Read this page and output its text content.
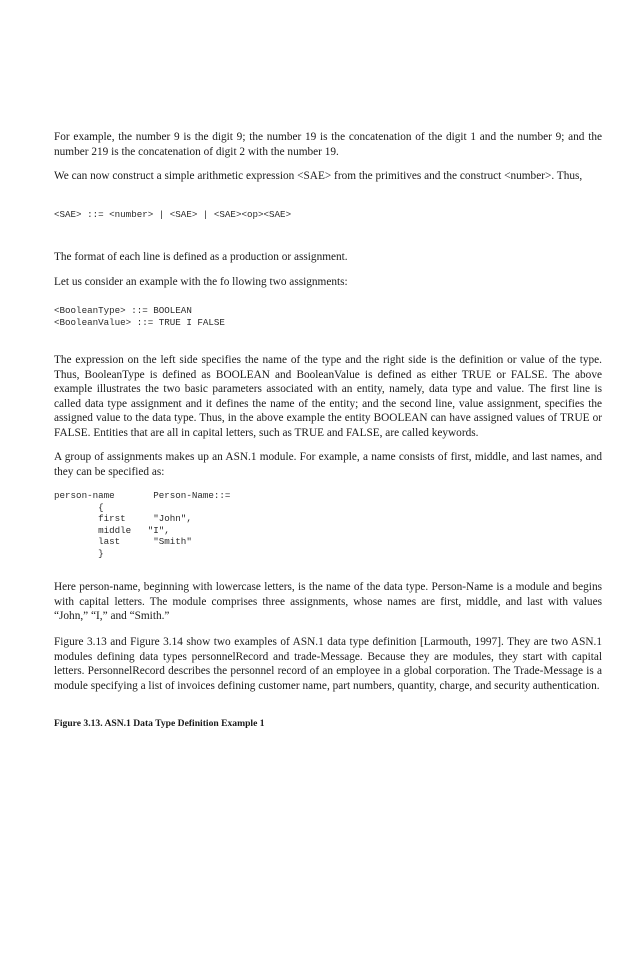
For example, the number 9 is the digit 9; the number 19 is the concatenation of the digit 1 and the number 9; and the number 219 is the concatenation of digit 2 with the number 19.

We can now construct a simple arithmetic expression <SAE> from the primitives and the construct <number>. Thus,

<SAE> ::= <number> | <SAE> | <SAE><op><SAE>

The format of each line is defined as a production or assignment.

Let us consider an example with the fo llowing two assignments:

<BooleanType> ::= BOOLEAN
<BooleanValue> ::= TRUE I FALSE

The expression on the left side specifies the name of the type and the right side is the definition or value of the type. Thus, BooleanType is defined as BOOLEAN and BooleanValue is defined as either TRUE or FALSE. The above example illustrates the two basic parameters associated with an entity, namely, data type and value. The first line is called data type assignment and it defines the name of the entity; and the second line, value assignment, specifies the assigned value to the data type. Thus, in the above example the entity BOOLEAN can have assigned values of TRUE or FALSE. Entities that are all in capital letters, such as TRUE and FALSE, are called keywords.

A group of assignments makes up an ASN.1 module. For example, a name consists of first, middle, and last names, and they can be specified as:

person-name       Person-Name::=
{
first     "John",
middle   "I",
last      "Smith"
}

Here person-name, beginning with lowercase letters, is the name of the data type. Person-Name is a module and begins with capital letters. The module comprises three assignments, whose names are first, middle, and last with values “John,” “I,” and “Smith.”

Figure 3.13 and Figure 3.14 show two examples of ASN.1 data type definition [Larmouth, 1997]. They are two ASN.1 modules defining data types personnelRecord and trade-Message. Because they are modules, they start with capital letters. PersonnelRecord describes the personnel record of an employee in a global corporation. The Trade-Message is a module specifying a list of invoices defining customer name, part numbers, quantity, charge, and security authentication.

Figure 3.13. ASN.1 Data Type Definition Example 1
